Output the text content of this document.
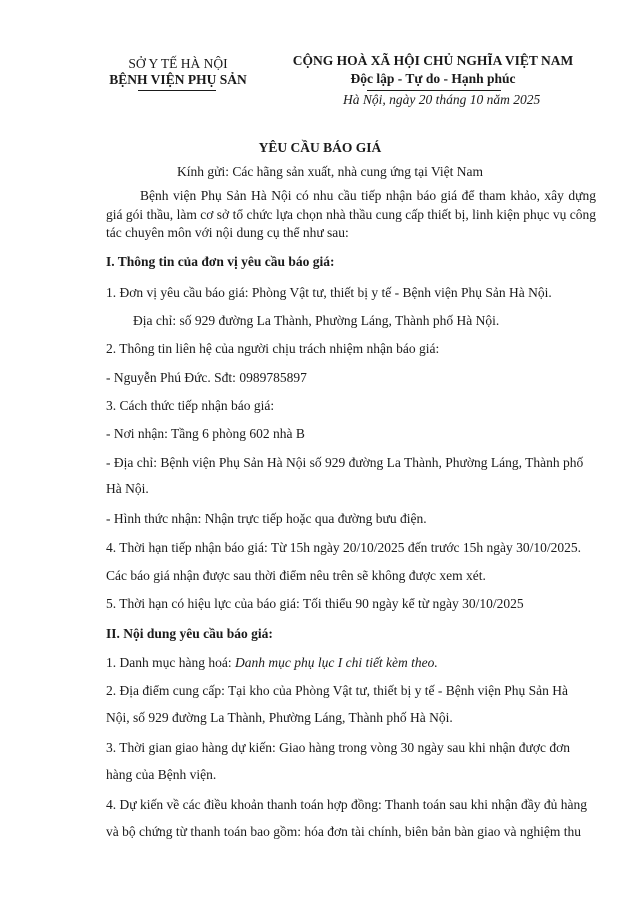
SỞ Y TẾ HÀ NỘI
BỆNH VIỆN PHỤ SẢN
CỘNG HOÀ XÃ HỘI CHỦ NGHĨA VIỆT NAM
Độc lập - Tự do - Hạnh phúc
Hà Nội, ngày 20 tháng 10 năm 2025
YÊU CẦU BÁO GIÁ
Kính gửi: Các hãng sản xuất, nhà cung ứng tại Việt Nam
Bệnh viện Phụ Sản Hà Nội có nhu cầu tiếp nhận báo giá để tham khảo, xây dựng giá gói thầu, làm cơ sở tổ chức lựa chọn nhà thầu cung cấp thiết bị, linh kiện phục vụ công tác chuyên môn với nội dung cụ thể như sau:
I. Thông tin của đơn vị yêu cầu báo giá:
1. Đơn vị yêu cầu báo giá: Phòng Vật tư, thiết bị y tế - Bệnh viện Phụ Sản Hà Nội.
Địa chỉ: số 929 đường La Thành, Phường Láng, Thành phố Hà Nội.
2. Thông tin liên hệ của người chịu trách nhiệm nhận báo giá:
- Nguyễn Phú Đức. Sđt: 0989785897
3. Cách thức tiếp nhận báo giá:
- Nơi nhận: Tầng 6 phòng 602 nhà B
- Địa chỉ: Bệnh viện Phụ Sản Hà Nội số 929 đường La Thành, Phường Láng, Thành phố
Hà Nội.
- Hình thức nhận: Nhận trực tiếp hoặc qua đường bưu điện.
4. Thời hạn tiếp nhận báo giá: Từ 15h ngày 20/10/2025 đến trước 15h ngày 30/10/2025.
Các báo giá nhận được sau thời điểm nêu trên sẽ không được xem xét.
5. Thời hạn có hiệu lực của báo giá: Tối thiểu 90 ngày kể từ ngày 30/10/2025
II. Nội dung yêu cầu báo giá:
1. Danh mục hàng hoá: Danh mục phụ lục I chi tiết kèm theo.
2. Địa điểm cung cấp: Tại kho của Phòng Vật tư, thiết bị y tế - Bệnh viện Phụ Sản Hà
Nội, số 929 đường La Thành, Phường Láng, Thành phố Hà Nội.
3. Thời gian giao hàng dự kiến: Giao hàng trong vòng 30 ngày sau khi nhận được đơn
hàng của Bệnh viện.
4. Dự kiến về các điều khoản thanh toán hợp đồng: Thanh toán sau khi nhận đầy đủ hàng
và bộ chứng từ thanh toán bao gồm: hóa đơn tài chính, biên bản bàn giao và nghiệm thu
